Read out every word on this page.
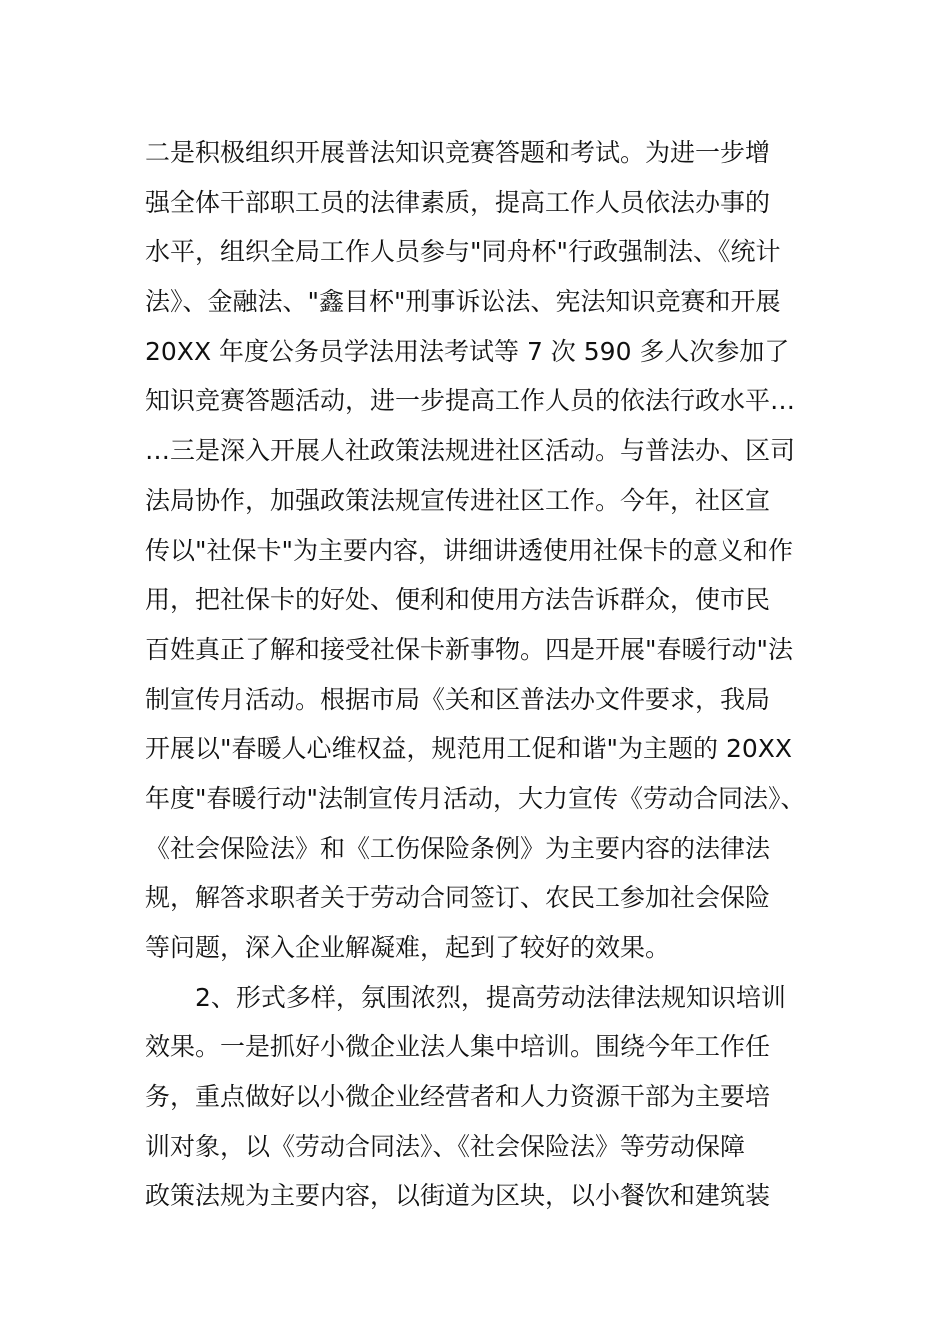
二是积极组织开展普法知识竞赛答题和考试。为进一步增
强全体干部职工员的法律素质，提高工作人员依法办事的
水平，组织全局工作人员参与"同舟杯"行政强制法、《统计
法》、金融法、"鑫目杯"刑事诉讼法、宪法知识竞赛和开展
20XX 年度公务员学法用法考试等 7 次 590 多人次参加了
知识竞赛答题活动，进一步提高工作人员的依法行政水平…
…三是深入开展人社政策法规进社区活动。与普法办、区司
法局协作，加强政策法规宣传进社区工作。今年，社区宣
传以"社保卡"为主要内容，讲细讲透使用社保卡的意义和作
用，把社保卡的好处、便利和使用方法告诉群众，使市民
百姓真正了解和接受社保卡新事物。四是开展"春暖行动"法
制宣传月活动。根据市局《关和区普法办文件要求，我局
开展以"春暖人心维权益，规范用工促和谐"为主题的 20XX
年度"春暖行动"法制宣传月活动，大力宣传《劳动合同法》、
《社会保险法》和《工伤保险条例》为主要内容的法律法
规，解答求职者关于劳动合同签订、农民工参加社会保险
等问题，深入企业解凝难，起到了较好的效果。
2、形式多样，氛围浓烈，提高劳动法律法规知识培训
效果。一是抓好小微企业法人集中培训。围绕今年工作任
务，重点做好以小微企业经营者和人力资源干部为主要培
训对象，以《劳动合同法》、《社会保险法》等劳动保障
政策法规为主要内容，以街道为区块，以小餐饮和建筑装
